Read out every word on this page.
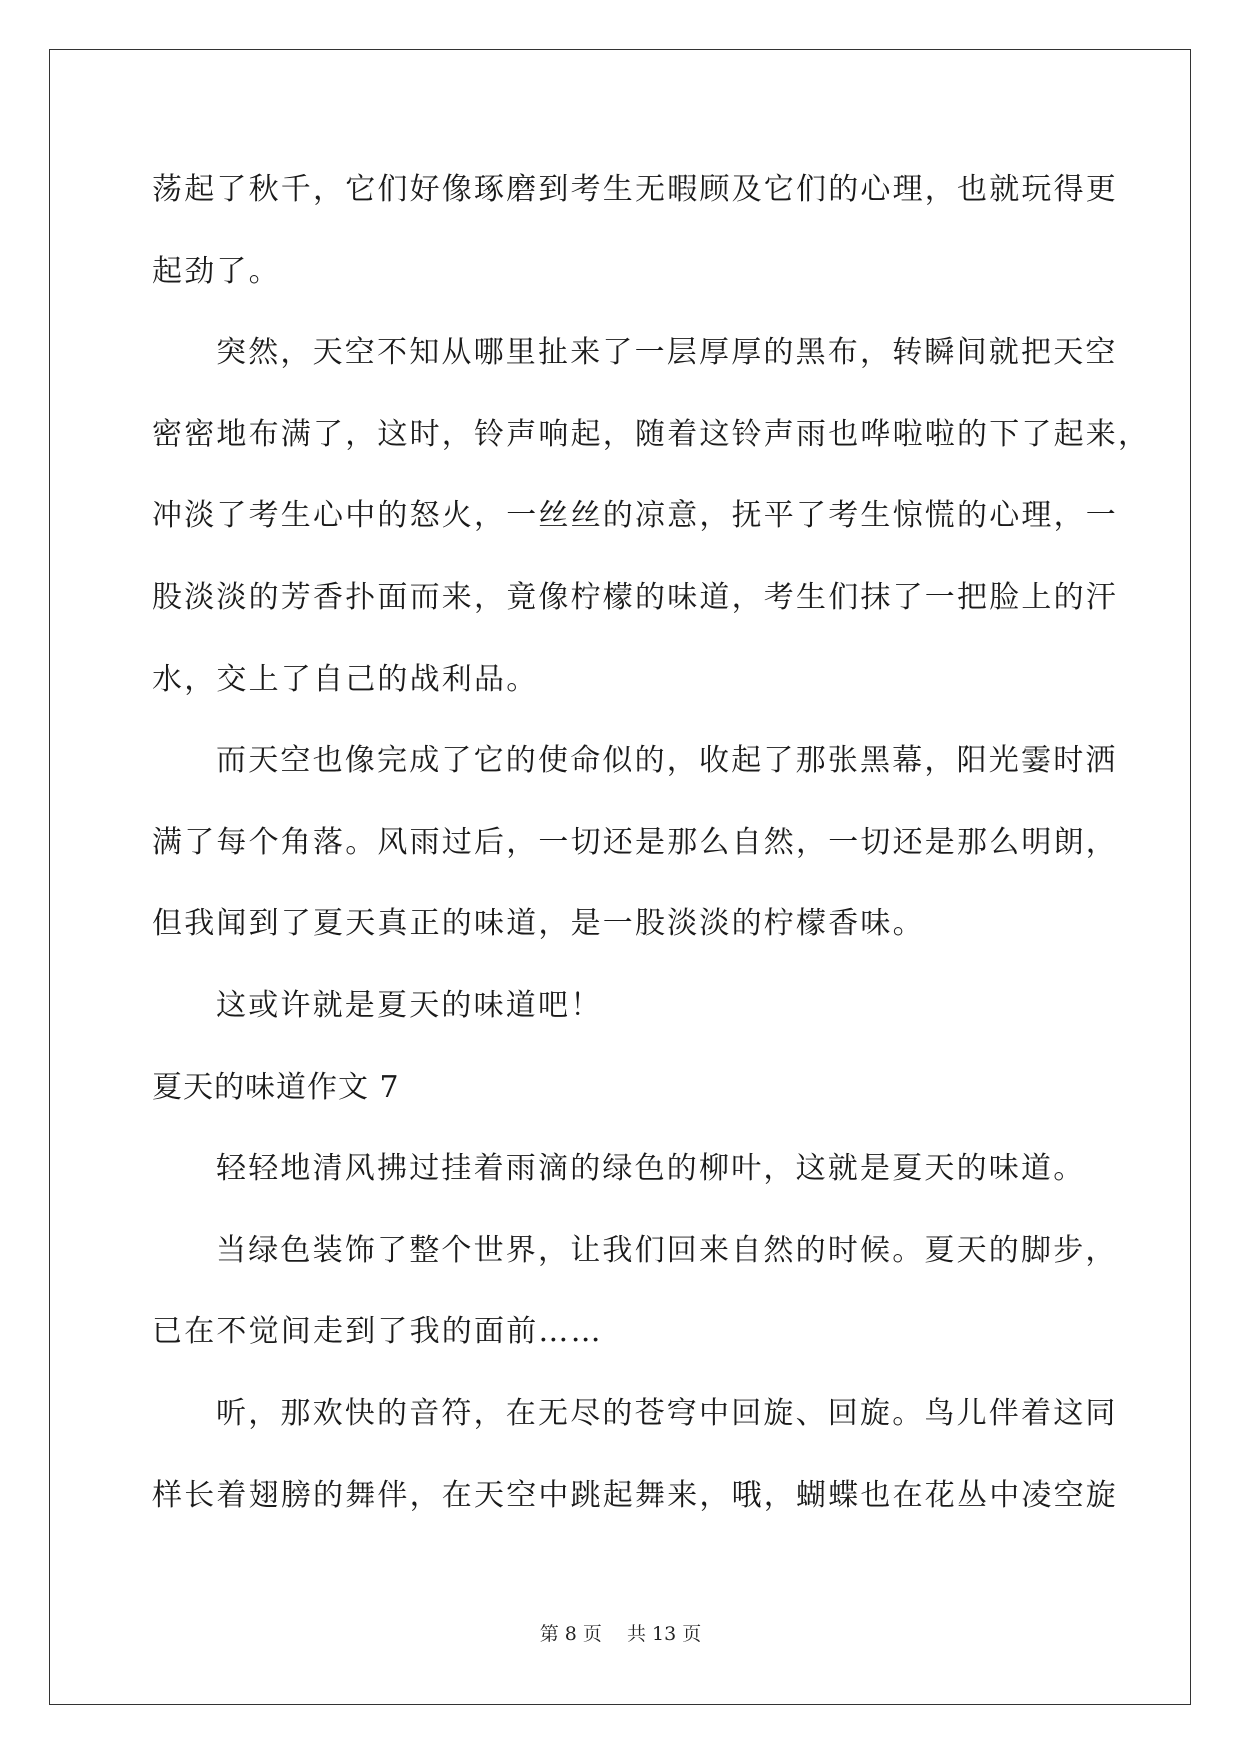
荡起了秋千，它们好像琢磨到考生无暇顾及它们的心理，也就玩得更
起劲了。
突然，天空不知从哪里扯来了一层厚厚的黑布，转瞬间就把天空
密密地布满了，这时，铃声响起，随着这铃声雨也哗啦啦的下了起来，
冲淡了考生心中的怒火，一丝丝的凉意，抚平了考生惊慌的心理，一
股淡淡的芳香扑面而来，竟像柠檬的味道，考生们抹了一把脸上的汗
水，交上了自己的战利品。
而天空也像完成了它的使命似的，收起了那张黑幕，阳光霎时洒
满了每个角落。风雨过后，一切还是那么自然，一切还是那么明朗，
但我闻到了夏天真正的味道，是一股淡淡的柠檬香味。
这或许就是夏天的味道吧！
夏天的味道作文 7
轻轻地清风拂过挂着雨滴的绿色的柳叶，这就是夏天的味道。
当绿色装饰了整个世界，让我们回来自然的时候。夏天的脚步，
已在不觉间走到了我的面前……
听，那欢快的音符，在无尽的苍穹中回旋、回旋。鸟儿伴着这同
样长着翅膀的舞伴，在天空中跳起舞来，哦，蝴蝶也在花丛中凌空旋
第 8 页　 共 13 页
